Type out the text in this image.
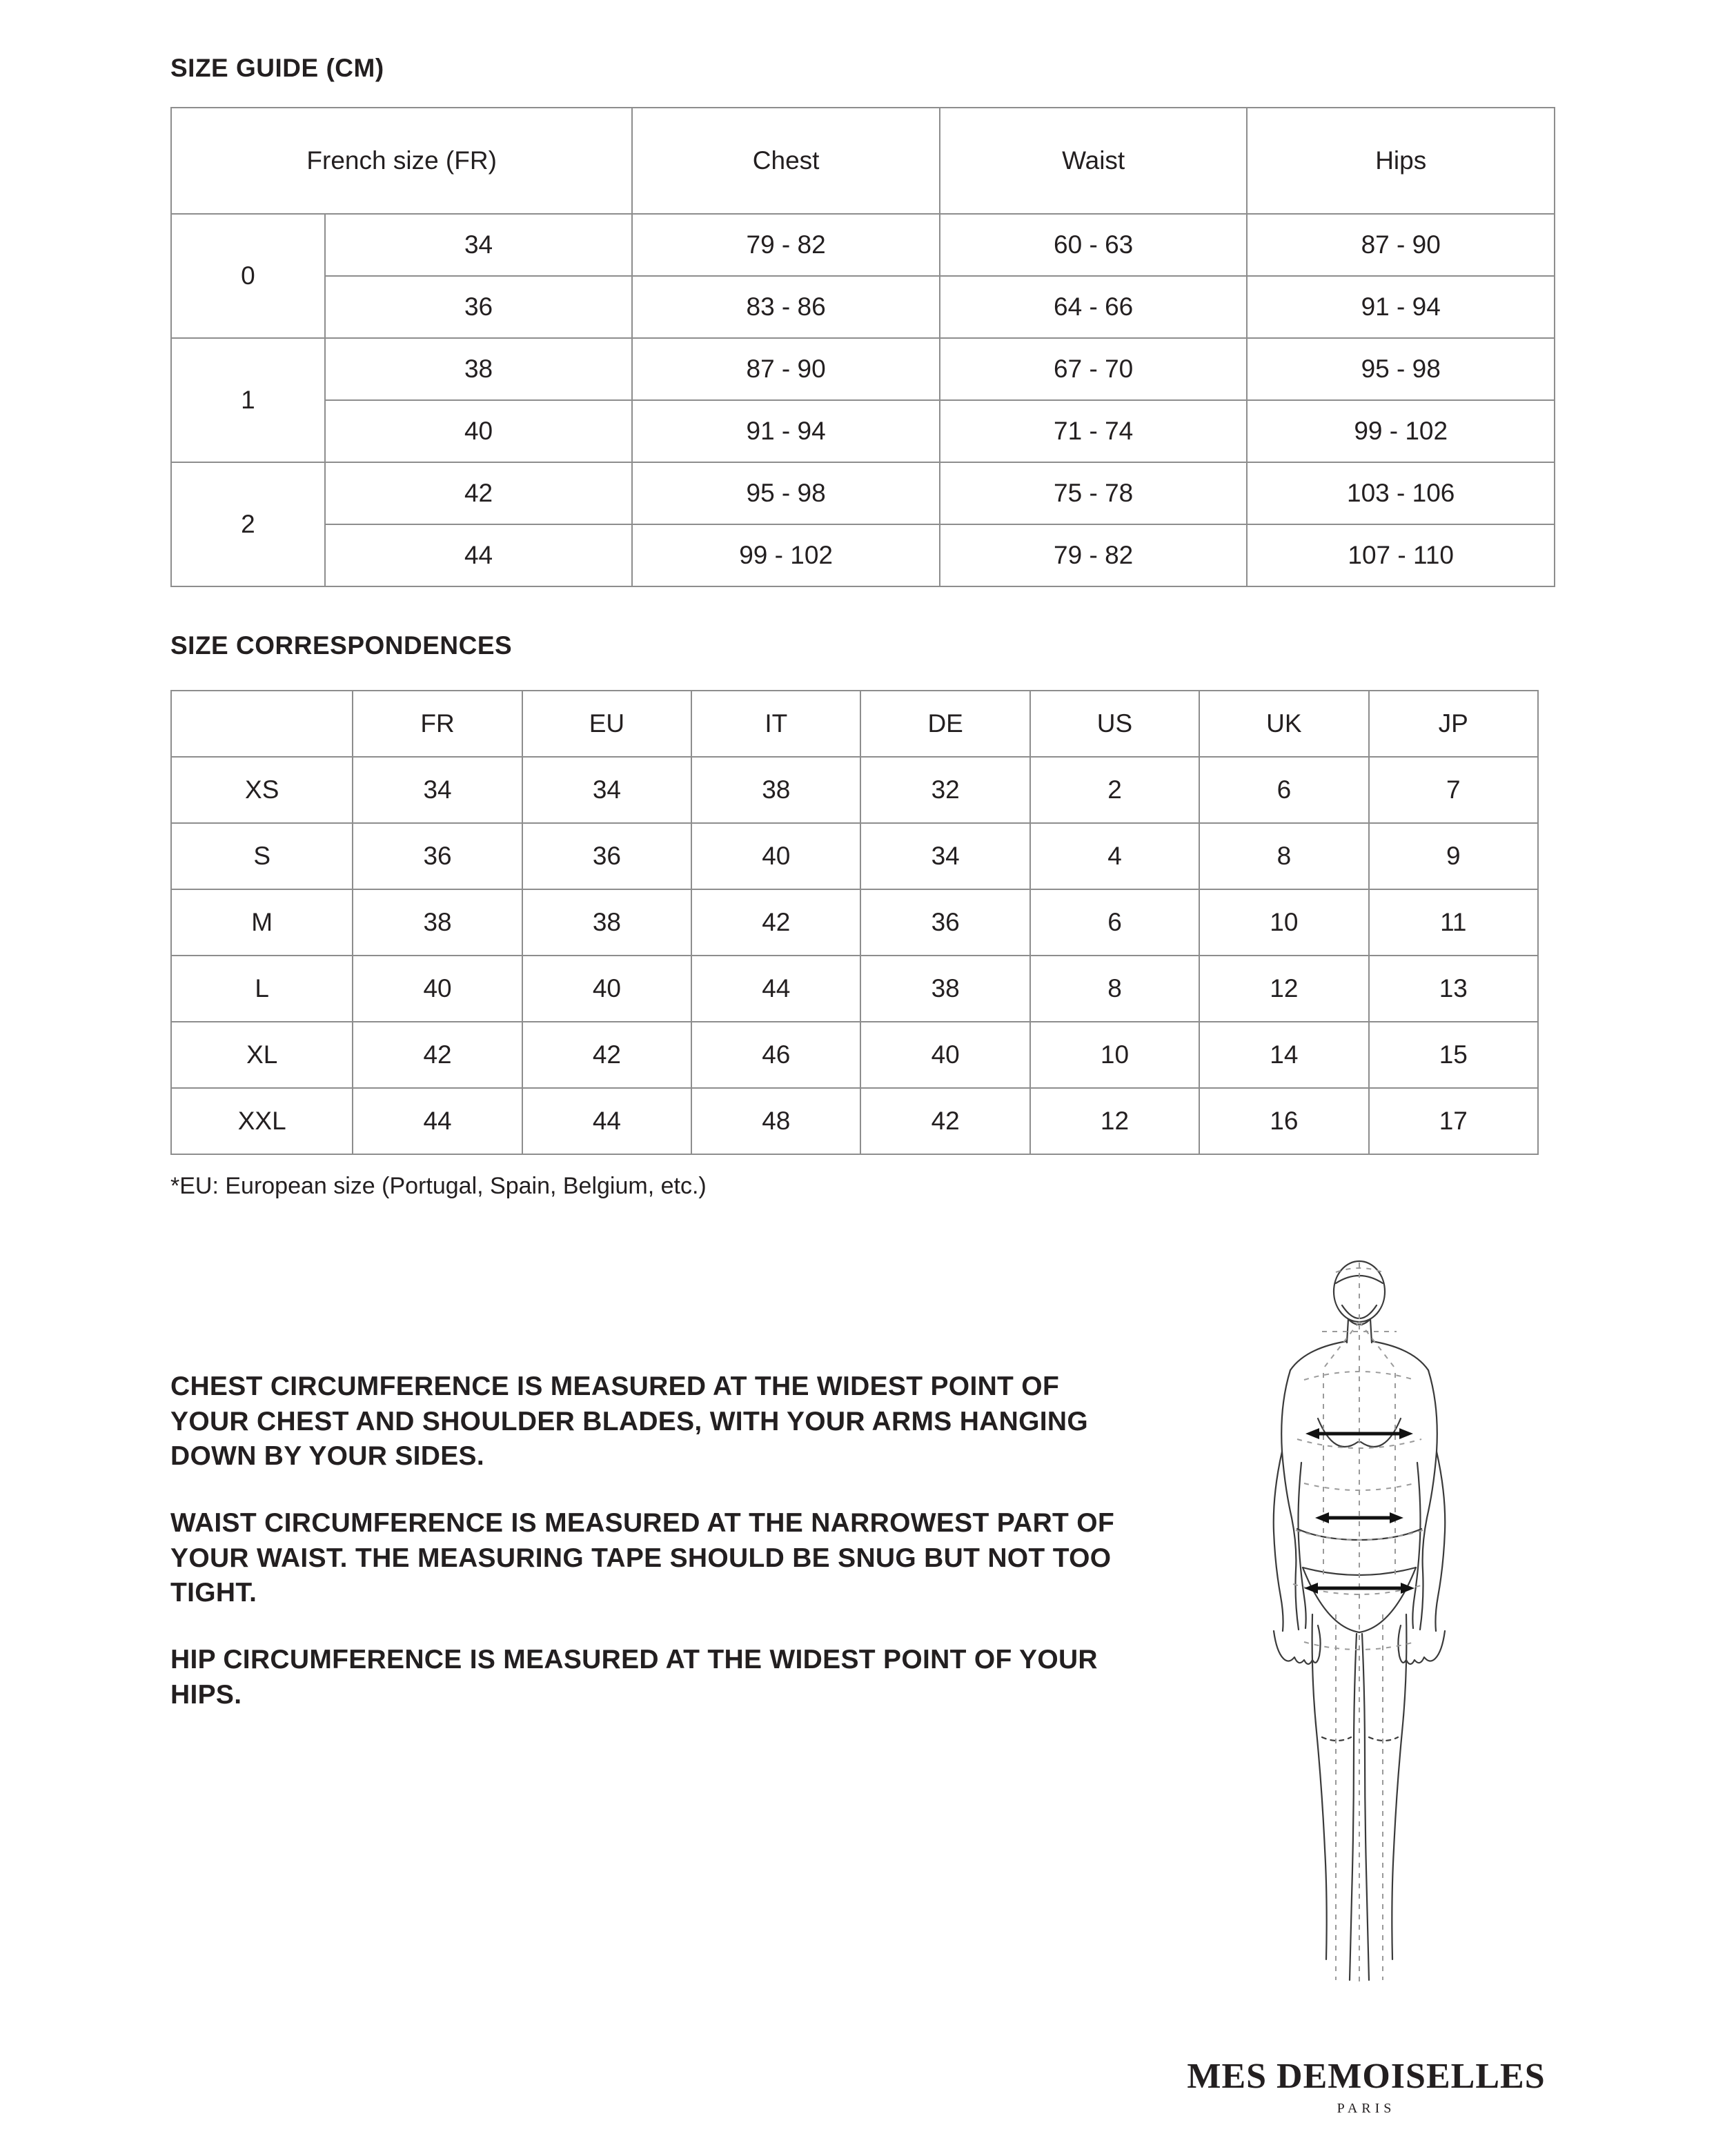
SIZE GUIDE (CM)
French size (FR)		Chest	Waist	Hips
0	34	79 - 82	60 - 63	87 - 90
	36	83 - 86	64 - 66	91 - 94
1	38	87 - 90	67 - 70	95 - 98
	40	91 - 94	71 - 74	99 - 102
2	42	95 - 98	75 - 78	103 - 106
	44	99 - 102	79 - 82	107 - 110
SIZE CORRESPONDENCES
	FR	EU	IT	DE	US	UK	JP
XS	34	34	38	32	2	6	7
S	36	36	40	34	4	8	9
M	38	38	42	36	6	10	11
L	40	40	44	38	8	12	13
XL	42	42	46	40	10	14	15
XXL	44	44	48	42	12	16	17
*EU: European size (Portugal, Spain, Belgium, etc.)

CHEST CIRCUMFERENCE IS MEASURED AT THE WIDEST POINT OF YOUR CHEST AND SHOULDER BLADES, WITH YOUR ARMS HANGING DOWN BY YOUR SIDES.

WAIST CIRCUMFERENCE IS MEASURED AT THE NARROWEST PART OF YOUR WAIST. THE MEASURING TAPE SHOULD BE SNUG BUT NOT TOO TIGHT.

HIP CIRCUMFERENCE IS MEASURED AT THE WIDEST POINT OF YOUR HIPS.

MES DEMOISELLES
PARIS
